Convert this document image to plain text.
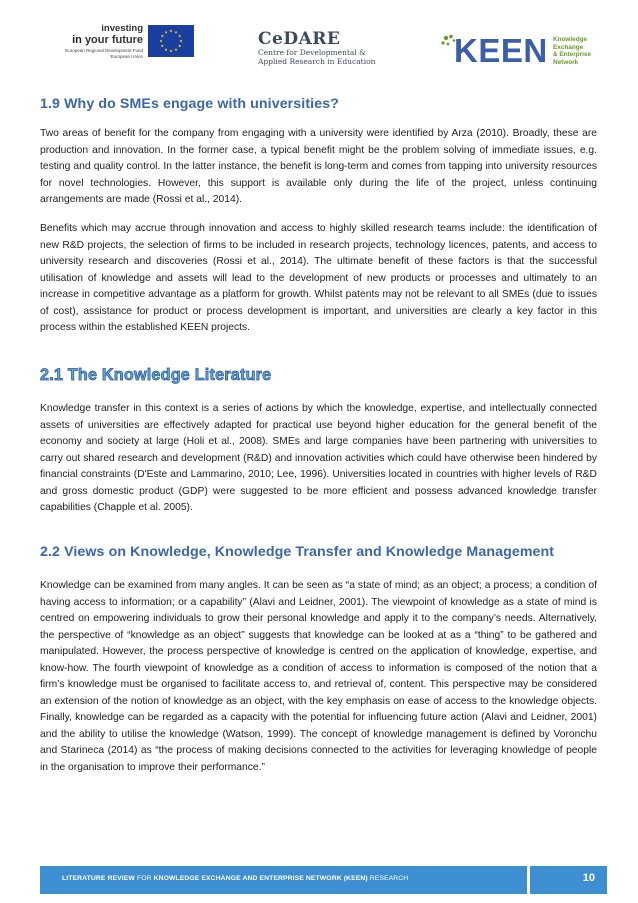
investing
in your future
European Regional Development Fund
European Union
CeDARE
Centre for Developmental &
Applied Research in Education	KEEN Knowledge
Exchange
& Enterprise
Network
1.9 Why do SMEs engage with universities?

Two areas of benefit for the company from engaging with a university were identified by Arza (2010). Broadly, these are production and innovation. In the former case, a typical benefit might be the problem solving of immediate issues, e.g. testing and quality control. In the latter instance, the benefit is long-term and comes from tapping into university resources for novel technologies. However, this support is available only during the life of the project, unless continuing arrangements are made (Rossi et al., 2014).

Benefits which may accrue through innovation and access to highly skilled research teams include: the identification of new R&D projects, the selection of firms to be included in research projects, technology licences, patents, and access to university research and discoveries (Rossi et al., 2014). The ultimate benefit of these factors is that the successful utilisation of knowledge and assets will lead to the development of new products or processes and ultimately to an increase in competitive advantage as a platform for growth. Whilst patents may not be relevant to all SMEs (due to issues of cost), assistance for product or process development is important, and universities are clearly a key factor in this process within the established KEEN projects.

2.1 The Knowledge Literature

Knowledge transfer in this context is a series of actions by which the knowledge, expertise, and intellectually connected assets of universities are effectively adapted for practical use beyond higher education for the general benefit of the economy and society at large (Holi et al., 2008). SMEs and large companies have been partnering with universities to carry out shared research and development (R&D) and innovation activities which could have otherwise been hindered by financial constraints (D'Este and Lammarino, 2010; Lee, 1996). Universities located in countries with higher levels of R&D and gross domestic product (GDP) were suggested to be more efficient and possess advanced knowledge transfer capabilities (Chapple et al. 2005).

2.2 Views on Knowledge, Knowledge Transfer and Knowledge Management

Knowledge can be examined from many angles. It can be seen as “a state of mind; as an object; a process; a condition of having access to information; or a capability” (Alavi and Leidner, 2001). The viewpoint of knowledge as a state of mind is centred on empowering individuals to grow their personal knowledge and apply it to the company’s needs. Alternatively, the perspective of “knowledge as an object” suggests that knowledge can be looked at as a “thing” to be gathered and manipulated. However, the process perspective of knowledge is centred on the application of knowledge, expertise, and know-how. The fourth viewpoint of knowledge as a condition of access to information is composed of the notion that a firm’s knowledge must be organised to facilitate access to, and retrieval of, content. This perspective may be considered an extension of the notion of knowledge as an object, with the key emphasis on ease of access to the knowledge objects. Finally, knowledge can be regarded as a capacity with the potential for influencing future action (Alavi and Leidner, 2001) and the ability to utilise the knowledge (Watson, 1999). The concept of knowledge management is defined by Voronchu and Starineca (2014) as “the process of making decisions connected to the activities for leveraging knowledge of people in the organisation to improve their performance.”

LITERATURE REVIEW FOR KNOWLEDGE EXCHANGE AND ENTERPRISE NETWORK (KEEN) RESEARCH	10
